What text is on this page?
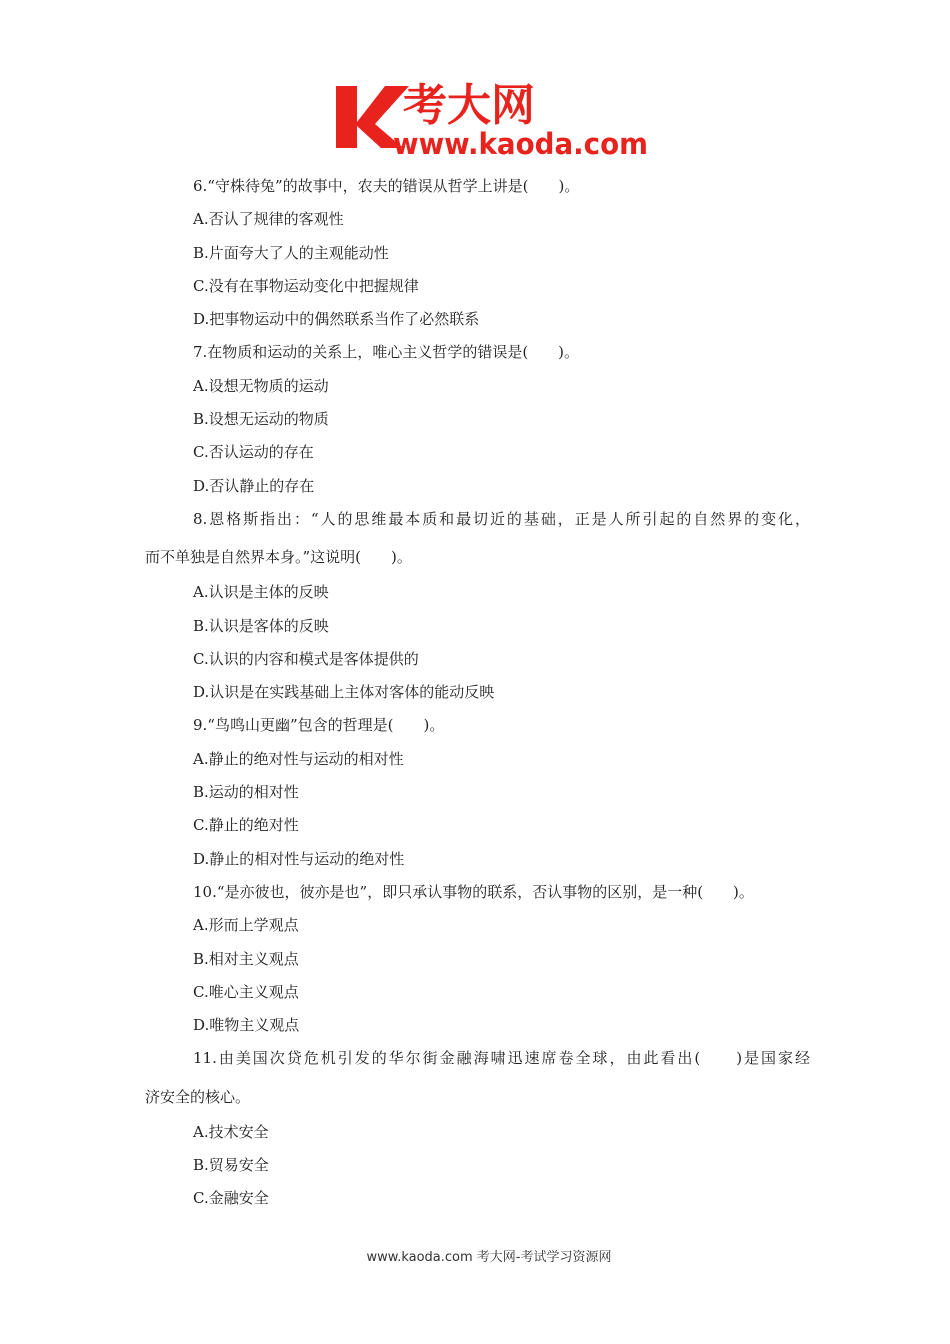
考大网
www.kaoda.com
6.“守株待兔”的故事中，农夫的错误从哲学上讲是(　　)。
A.否认了规律的客观性
B.片面夸大了人的主观能动性
C.没有在事物运动变化中把握规律
D.把事物运动中的偶然联系当作了必然联系
7.在物质和运动的关系上，唯心主义哲学的错误是(　　)。
A.设想无物质的运动
B.设想无运动的物质
C.否认运动的存在
D.否认静止的存在
8.恩格斯指出：“人的思维最本质和最切近的基础，正是人所引起的自然界的变化，
而不单独是自然界本身。”这说明(　　)。
A.认识是主体的反映
B.认识是客体的反映
C.认识的内容和模式是客体提供的
D.认识是在实践基础上主体对客体的能动反映
9.“鸟鸣山更幽”包含的哲理是(　　)。
A.静止的绝对性与运动的相对性
B.运动的相对性
C.静止的绝对性
D.静止的相对性与运动的绝对性
10.“是亦彼也，彼亦是也”，即只承认事物的联系，否认事物的区别，是一种(　　)。
A.形而上学观点
B.相对主义观点
C.唯心主义观点
D.唯物主义观点
11.由美国次贷危机引发的华尔街金融海啸迅速席卷全球，由此看出(　　)是国家经
济安全的核心。
A.技术安全
B.贸易安全
C.金融安全
www.kaoda.com 考大网-考试学习资源网
